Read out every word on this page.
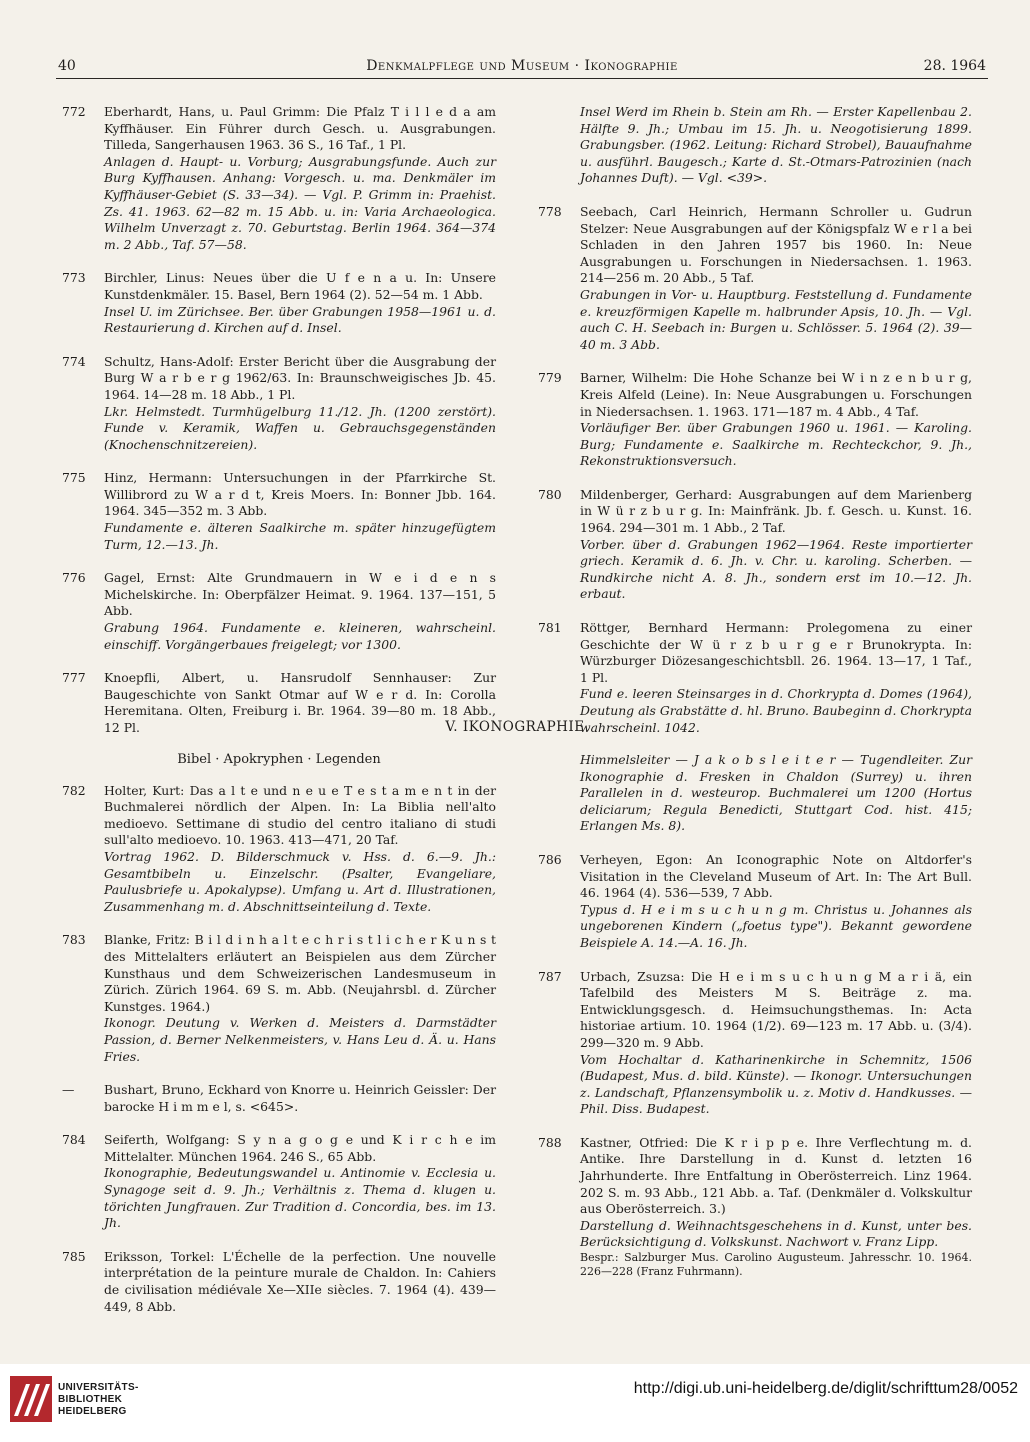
40	Denkmalpflege und Museum · Ikonographie	28. 1964
772 Eberhardt, Hans, u. Paul Grimm: Die Pfalz T i l l e d a am Kyffhäuser. Ein Führer durch Gesch. u. Ausgrabungen. Tilleda, Sangerhausen 1963. 36 S., 16 Taf., 1 Pl.
Anlagen d. Haupt- u. Vorburg; Ausgrabungsfunde. Auch zur Burg Kyffhausen. Anhang: Vorgesch. u. ma. Denkmäler im Kyffhäuser-Gebiet (S. 33—34). — Vgl. P. Grimm in: Praehist. Zs. 41. 1963. 62—82 m. 15 Abb. u. in: Varia Archaeologica. Wilhelm Unverzagt z. 70. Geburtstag. Berlin 1964. 364—374 m. 2 Abb., Taf. 57—58.
773 Birchler, Linus: Neues über die U f e n a u. In: Unsere Kunstdenkmäler. 15. Basel, Bern 1964 (2). 52—54 m. 1 Abb.
Insel U. im Zürichsee. Ber. über Grabungen 1958—1961 u. d. Restaurierung d. Kirchen auf d. Insel.
774 Schultz, Hans-Adolf: Erster Bericht über die Ausgrabung der Burg W a r b e r g 1962/63. In: Braunschweigisches Jb. 45. 1964. 14—28 m. 18 Abb., 1 Pl.
Lkr. Helmstedt. Turmhügelburg 11./12. Jh. (1200 zerstört). Funde v. Keramik, Waffen u. Gebrauchsgegenständen (Knochenschnitzereien).
775 Hinz, Hermann: Untersuchungen in der Pfarrkirche St. Willibrord zu W a r d t, Kreis Moers. In: Bonner Jbb. 164. 1964. 345—352 m. 3 Abb.
Fundamente e. älteren Saalkirche m. später hinzugefügtem Turm, 12.—13. Jh.
776 Gagel, Ernst: Alte Grundmauern in W e i d e n s Michelskirche. In: Oberpfälzer Heimat. 9. 1964. 137—151, 5 Abb.
Grabung 1964. Fundamente e. kleineren, wahrscheinl. einschiff. Vorgängerbaues freigelegt; vor 1300.
777 Knoepfli, Albert, u. Hansrudolf Sennhauser: Zur Baugeschichte von Sankt Otmar auf W e r d. In: Corolla Heremitana. Olten, Freiburg i. Br. 1964. 39—80 m. 18 Abb., 12 Pl.
Insel Werd im Rhein b. Stein am Rh. — Erster Kapellenbau 2. Hälfte 9. Jh.; Umbau im 15. Jh. u. Neogotisierung 1899. Grabungsber. (1962. Leitung: Richard Strobel), Bauaufnahme u. ausführl. Baugesch.; Karte d. St.-Otmars-Patrozinien (nach Johannes Duft). — Vgl. <39>.
778 Seebach, Carl Heinrich, Hermann Schroller u. Gudrun Stelzer: Neue Ausgrabungen auf der Königspfalz W e r l a bei Schladen in den Jahren 1957 bis 1960. In: Neue Ausgrabungen u. Forschungen in Niedersachsen. 1. 1963. 214—256 m. 20 Abb., 5 Taf.
Grabungen in Vor- u. Hauptburg. Feststellung d. Fundamente e. kreuzförmigen Kapelle m. halbrunder Apsis, 10. Jh. — Vgl. auch C. H. Seebach in: Burgen u. Schlösser. 5. 1964 (2). 39—40 m. 3 Abb.
779 Barner, Wilhelm: Die Hohe Schanze bei W i n z e n b u r g, Kreis Alfeld (Leine). In: Neue Ausgrabungen u. Forschungen in Niedersachsen. 1. 1963. 171—187 m. 4 Abb., 4 Taf.
Vorläufiger Ber. über Grabungen 1960 u. 1961. — Karoling. Burg; Fundamente e. Saalkirche m. Rechteckchor, 9. Jh., Rekonstruktionsversuch.
780 Mildenberger, Gerhard: Ausgrabungen auf dem Marienberg in W ü r z b u r g. In: Mainfränk. Jb. f. Gesch. u. Kunst. 16. 1964. 294—301 m. 1 Abb., 2 Taf.
Vorber. über d. Grabungen 1962—1964. Reste importierter griech. Keramik d. 6. Jh. v. Chr. u. karoling. Scherben. — Rundkirche nicht A. 8. Jh., sondern erst im 10.—12. Jh. erbaut.
781 Röttger, Bernhard Hermann: Prolegomena zu einer Geschichte der W ü r z b u r g e r Brunokrypta. In: Würzburger Diözesangeschichtsbll. 26. 1964. 13—17, 1 Taf., 1 Pl.
Fund e. leeren Steinsarges in d. Chorkrypta d. Domes (1964), Deutung als Grabstätte d. hl. Bruno. Baubeginn d. Chorkrypta wahrscheinl. 1042.
V. IKONOGRAPHIE
Bibel · Apokryphen · Legenden
782 Holter, Kurt: Das a l t e und n e u e T e s t a m e n t in der Buchmalerei nördlich der Alpen. In: La Biblia nell'alto medioevo. Settimane di studio del centro italiano di studi sull'alto medioevo. 10. 1963. 413—471, 20 Taf.
Vortrag 1962. D. Bilderschmuck v. Hss. d. 6.—9. Jh.: Gesamtbibeln u. Einzelschr. (Psalter, Evangeliare, Paulusbriefe u. Apokalypse). Umfang u. Art d. Illustrationen, Zusammenhang m. d. Abschnittseinteilung d. Texte.
783 Blanke, Fritz: B i l d i n h a l t e c h r i s t l i c h e r K u n s t des Mittelalters erläutert an Beispielen aus dem Zürcher Kunsthaus und dem Schweizerischen Landesmuseum in Zürich. Zürich 1964. 69 S. m. Abb. (Neujahrsbl. d. Zürcher Kunstges. 1964.)
Ikonogr. Deutung v. Werken d. Meisters d. Darmstädter Passion, d. Berner Nelkenmeisters, v. Hans Leu d. Ä. u. Hans Fries.
— Bushart, Bruno, Eckhard von Knorre u. Heinrich Geissler: Der barocke H i m m e l, s. <645>.
784 Seiferth, Wolfgang: S y n a g o g e und K i r c h e im Mittelalter. München 1964. 246 S., 65 Abb.
Ikonographie, Bedeutungswandel u. Antinomie v. Ecclesia u. Synagoge seit d. 9. Jh.; Verhältnis z. Thema d. klugen u. törichten Jungfrauen. Zur Tradition d. Concordia, bes. im 13. Jh.
785 Eriksson, Torkel: L'Échelle de la perfection. Une nouvelle interprétation de la peinture murale de Chaldon. In: Cahiers de civilisation médiévale Xe—XIIe siècles. 7. 1964 (4). 439—449, 8 Abb.
Himmelsleiter — J a k o b s l e i t e r — Tugendleiter. Zur Ikonographie d. Fresken in Chaldon (Surrey) u. ihren Parallelen in d. westeurop. Buchmalerei um 1200 (Hortus deliciarum; Regula Benedicti, Stuttgart Cod. hist. 415; Erlangen Ms. 8).
786 Verheyen, Egon: An Iconographic Note on Altdorfer's Visitation in the Cleveland Museum of Art. In: The Art Bull. 46. 1964 (4). 536—539, 7 Abb.
Typus d. H e i m s u c h u n g m. Christus u. Johannes als ungeborenen Kindern („foetus type"). Bekannt gewordene Beispiele A. 14.—A. 16. Jh.
787 Urbach, Zsuzsa: Die H e i m s u c h u n g M a r i ä, ein Tafelbild des Meisters M S. Beiträge z. ma. Entwicklungsgesch. d. Heimsuchungsthemas. In: Acta historiae artium. 10. 1964 (1/2). 69—123 m. 17 Abb. u. (3/4). 299—320 m. 9 Abb.
Vom Hochaltar d. Katharinenkirche in Schemnitz, 1506 (Budapest, Mus. d. bild. Künste). — Ikonogr. Untersuchungen z. Landschaft, Pflanzensymbolik u. z. Motiv d. Handkusses. — Phil. Diss. Budapest.
788 Kastner, Otfried: Die K r i p p e. Ihre Verflechtung m. d. Antike. Ihre Darstellung in d. Kunst d. letzten 16 Jahrhunderte. Ihre Entfaltung in Oberösterreich. Linz 1964. 202 S. m. 93 Abb., 121 Abb. a. Taf. (Denkmäler d. Volkskultur aus Oberösterreich. 3.)
Darstellung d. Weihnachtsgeschehens in d. Kunst, unter bes. Berücksichtigung d. Volkskunst. Nachwort v. Franz Lipp.
Bespr.: Salzburger Mus. Carolino Augusteum. Jahresschr. 10. 1964. 226—228 (Franz Fuhrmann).
UNIVERSITÄTS-
BIBLIOTHEK
HEIDELBERG
http://digi.ub.uni-heidelberg.de/diglit/schrifttum28/0052
